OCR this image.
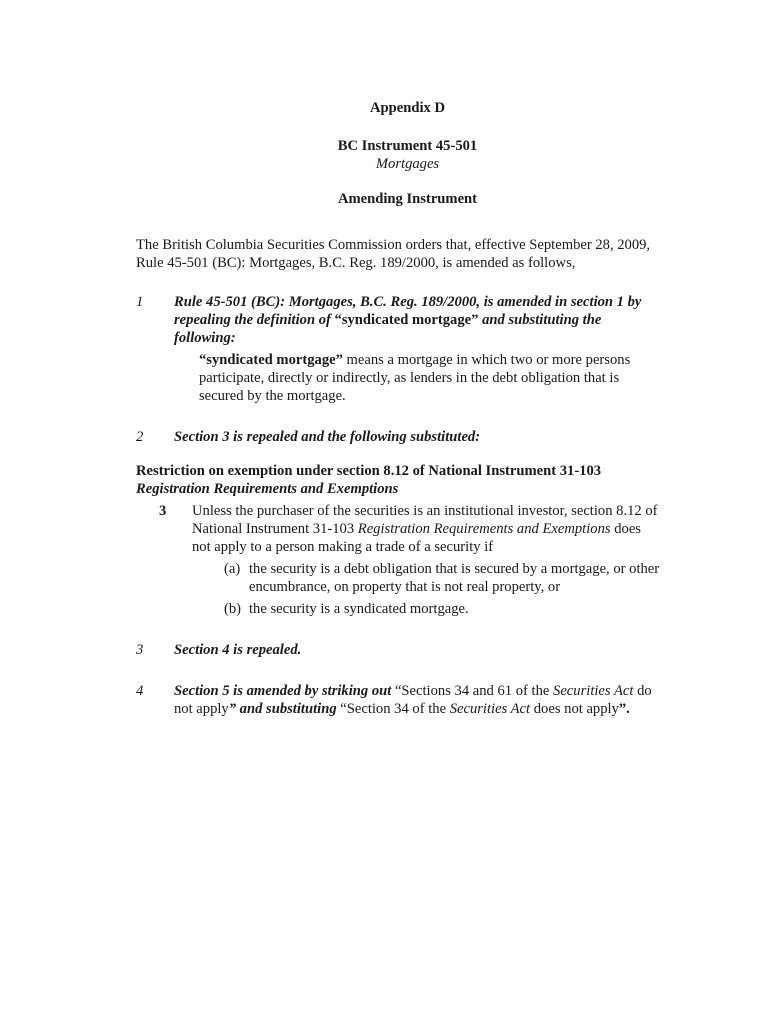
Appendix D
BC Instrument 45-501
Mortgages
Amending Instrument
The British Columbia Securities Commission orders that, effective September 28, 2009,
Rule 45-501 (BC): Mortgages, B.C. Reg. 189/2000, is amended as follows,
1 Rule 45-501 (BC): Mortgages, B.C. Reg. 189/2000, is amended in section 1 by
repealing the definition of “syndicated mortgage” and substituting the
following:
“syndicated mortgage” means a mortgage in which two or more persons
participate, directly or indirectly, as lenders in the debt obligation that is
secured by the mortgage.
2 Section 3 is repealed and the following substituted:
Restriction on exemption under section 8.12 of National Instrument 31-103
Registration Requirements and Exemptions
3 Unless the purchaser of the securities is an institutional investor, section 8.12 of
National Instrument 31-103 Registration Requirements and Exemptions does
not apply to a person making a trade of a security if
(a) the security is a debt obligation that is secured by a mortgage, or other
encumbrance, on property that is not real property, or
(b) the security is a syndicated mortgage.
3 Section 4 is repealed.
4 Section 5 is amended by striking out “Sections 34 and 61 of the Securities Act do
not apply” and substituting “Section 34 of the Securities Act does not apply”.
